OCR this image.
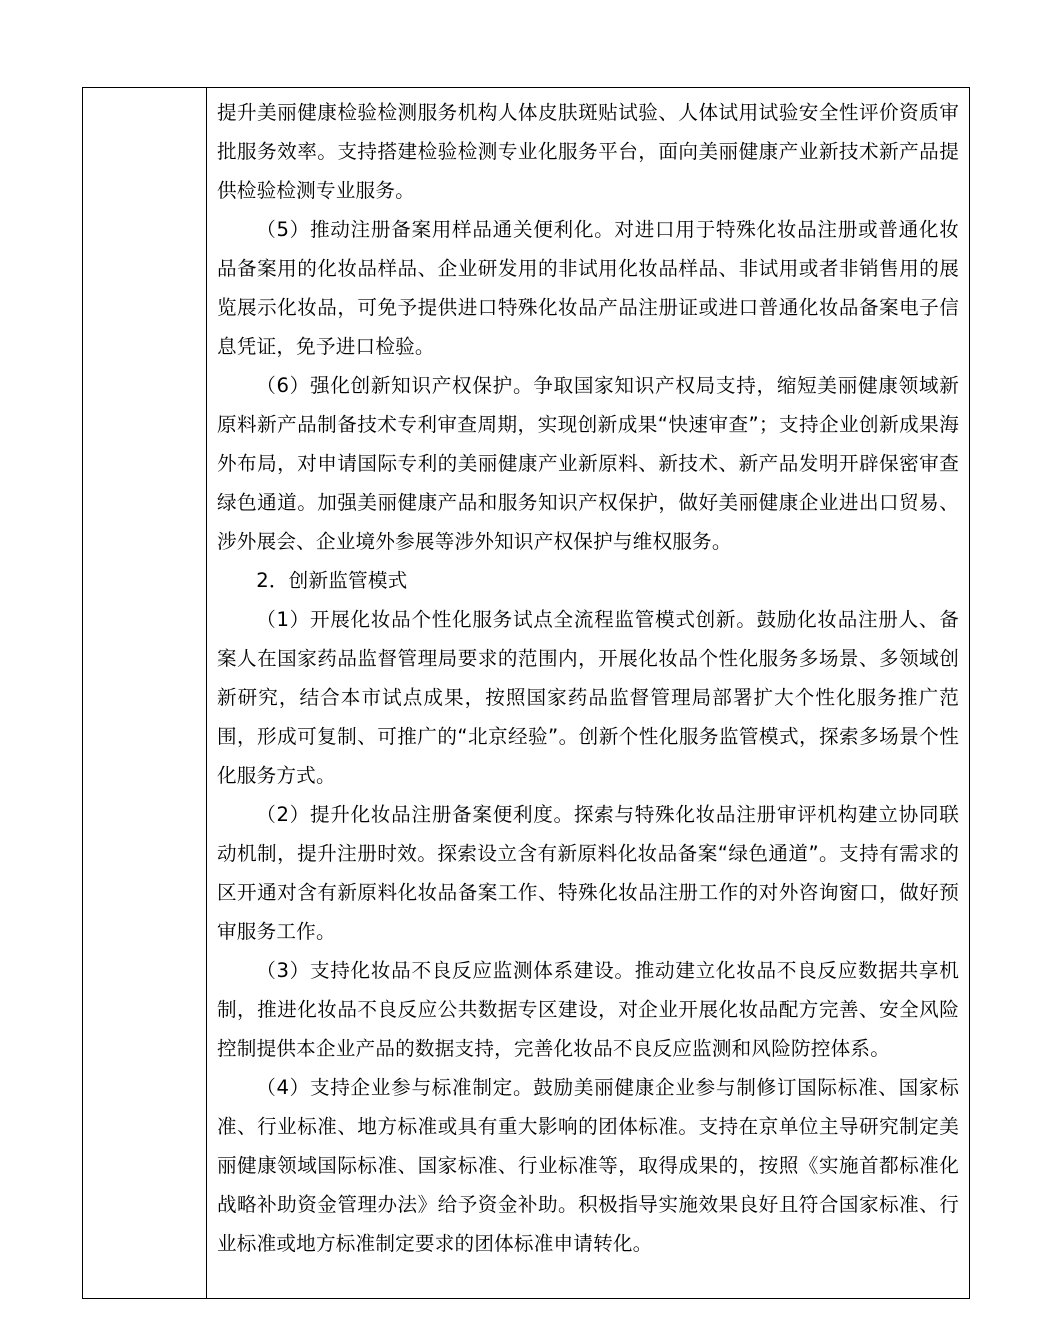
提升美丽健康检验检测服务机构人体皮肤斑贴试验、人体试用试验安全性评价资质审批服务效率。支持搭建检验检测专业化服务平台，面向美丽健康产业新技术新产品提供检验检测专业服务。

（5）推动注册备案用样品通关便利化。对进口用于特殊化妆品注册或普通化妆品备案用的化妆品样品、企业研发用的非试用化妆品样品、非试用或者非销售用的展览展示化妆品，可免予提供进口特殊化妆品产品注册证或进口普通化妆品备案电子信息凭证，免予进口检验。

（6）强化创新知识产权保护。争取国家知识产权局支持，缩短美丽健康领域新原料新产品制备技术专利审查周期，实现创新成果“快速审查”；支持企业创新成果海外布局，对申请国际专利的美丽健康产业新原料、新技术、新产品发明开辟保密审查绿色通道。加强美丽健康产品和服务知识产权保护，做好美丽健康企业进出口贸易、涉外展会、企业境外参展等涉外知识产权保护与维权服务。

2．创新监管模式

（1）开展化妆品个性化服务试点全流程监管模式创新。鼓励化妆品注册人、备案人在国家药品监督管理局要求的范围内，开展化妆品个性化服务多场景、多领域创新研究，结合本市试点成果，按照国家药品监督管理局部署扩大个性化服务推广范围，形成可复制、可推广的“北京经验”。创新个性化服务监管模式，探索多场景个性化服务方式。

（2）提升化妆品注册备案便利度。探索与特殊化妆品注册审评机构建立协同联动机制，提升注册时效。探索设立含有新原料化妆品备案“绿色通道”。支持有需求的区开通对含有新原料化妆品备案工作、特殊化妆品注册工作的对外咨询窗口，做好预审服务工作。

（3）支持化妆品不良反应监测体系建设。推动建立化妆品不良反应数据共享机制，推进化妆品不良反应公共数据专区建设，对企业开展化妆品配方完善、安全风险控制提供本企业产品的数据支持，完善化妆品不良反应监测和风险防控体系。

（4）支持企业参与标准制定。鼓励美丽健康企业参与制修订国际标准、国家标准、行业标准、地方标准或具有重大影响的团体标准。支持在京单位主导研究制定美丽健康领域国际标准、国家标准、行业标准等，取得成果的，按照《实施首都标准化战略补助资金管理办法》给予资金补助。积极指导实施效果良好且符合国家标准、行业标准或地方标准制定要求的团体标准申请转化。
